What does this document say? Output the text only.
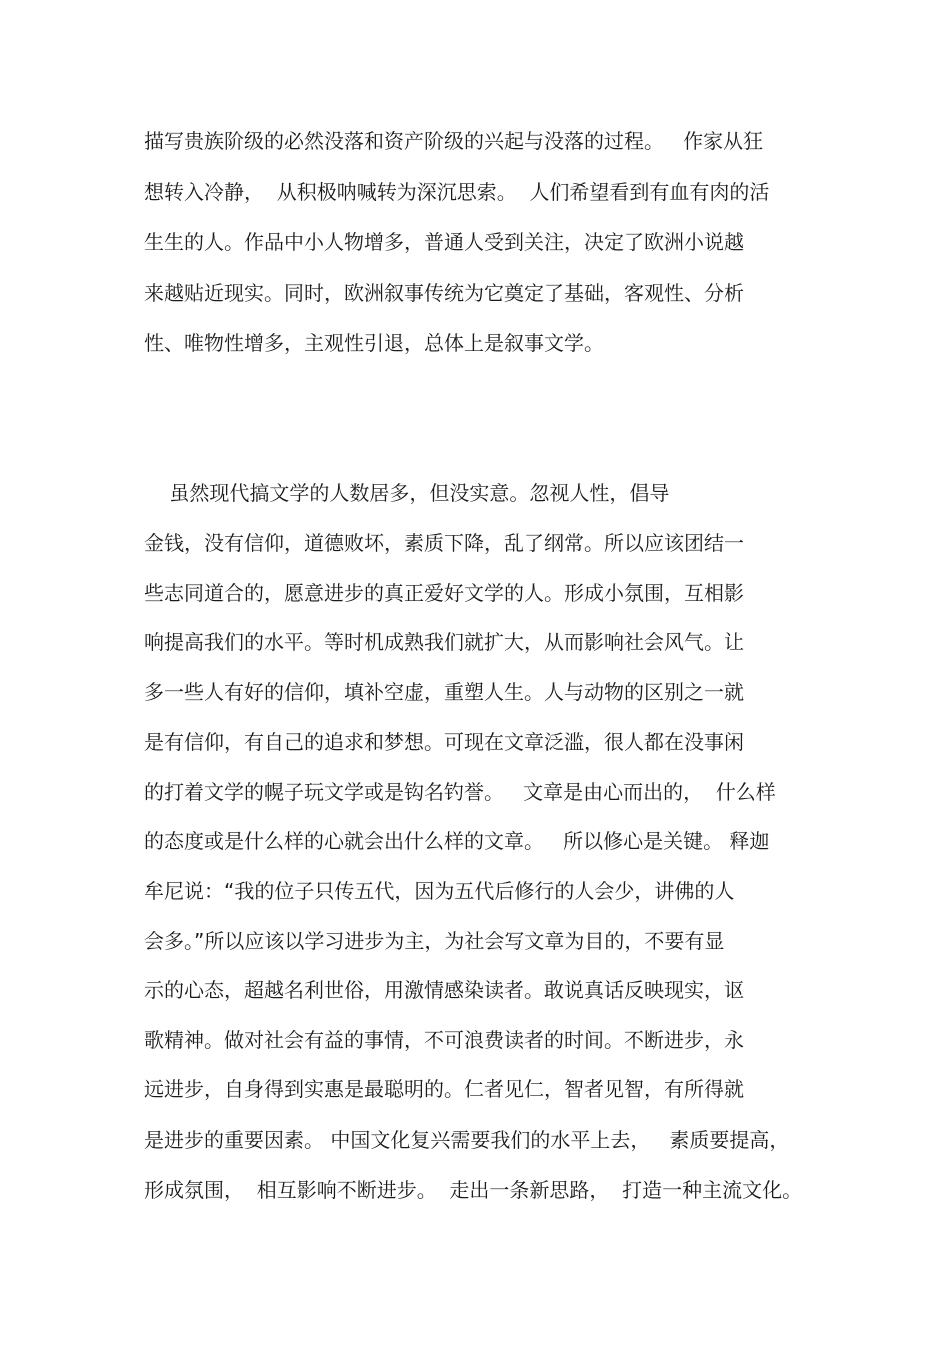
描写贵族阶级的必然没落和资产阶级的兴起与没落的过程。   作家从狂
想转入冷静，  从积极呐喊转为深沉思索。  人们希望看到有血有肉的活
生生的人。作品中小人物增多，普通人受到关注，决定了欧洲小说越
来越贴近现实。同时，欧洲叙事传统为它奠定了基础，客观性、分析
性、唯物性增多，主观性引退，总体上是叙事文学。
虽然现代搞文学的人数居多，但没实意。忽视人性，倡导
金钱，没有信仰，道德败坏，素质下降，乱了纲常。所以应该团结一
些志同道合的，愿意进步的真正爱好文学的人。形成小氛围，互相影
响提高我们的水平。等时机成熟我们就扩大，从而影响社会风气。让
多一些人有好的信仰，填补空虚，重塑人生。人与动物的区别之一就
是有信仰，有自己的追求和梦想。可现在文章泛滥，很人都在没事闲
的打着文学的幌子玩文学或是钩名钓誉。   文章是由心而出的，  什么样
的态度或是什么样的心就会出什么样的文章。   所以修心是关键。 释迦
牟尼说：“我的位子只传五代，因为五代后修行的人会少，讲佛的人
会多。”所以应该以学习进步为主，为社会写文章为目的，不要有显
示的心态，超越名利世俗，用激情感染读者。敢说真话反映现实，讴
歌精神。做对社会有益的事情，不可浪费读者的时间。不断进步，永
远进步，自身得到实惠是最聪明的。仁者见仁，智者见智，有所得就
是进步的重要因素。 中国文化复兴需要我们的水平上去，   素质要提高，
形成氛围，  相互影响不断进步。  走出一条新思路，  打造一种主流文化。
